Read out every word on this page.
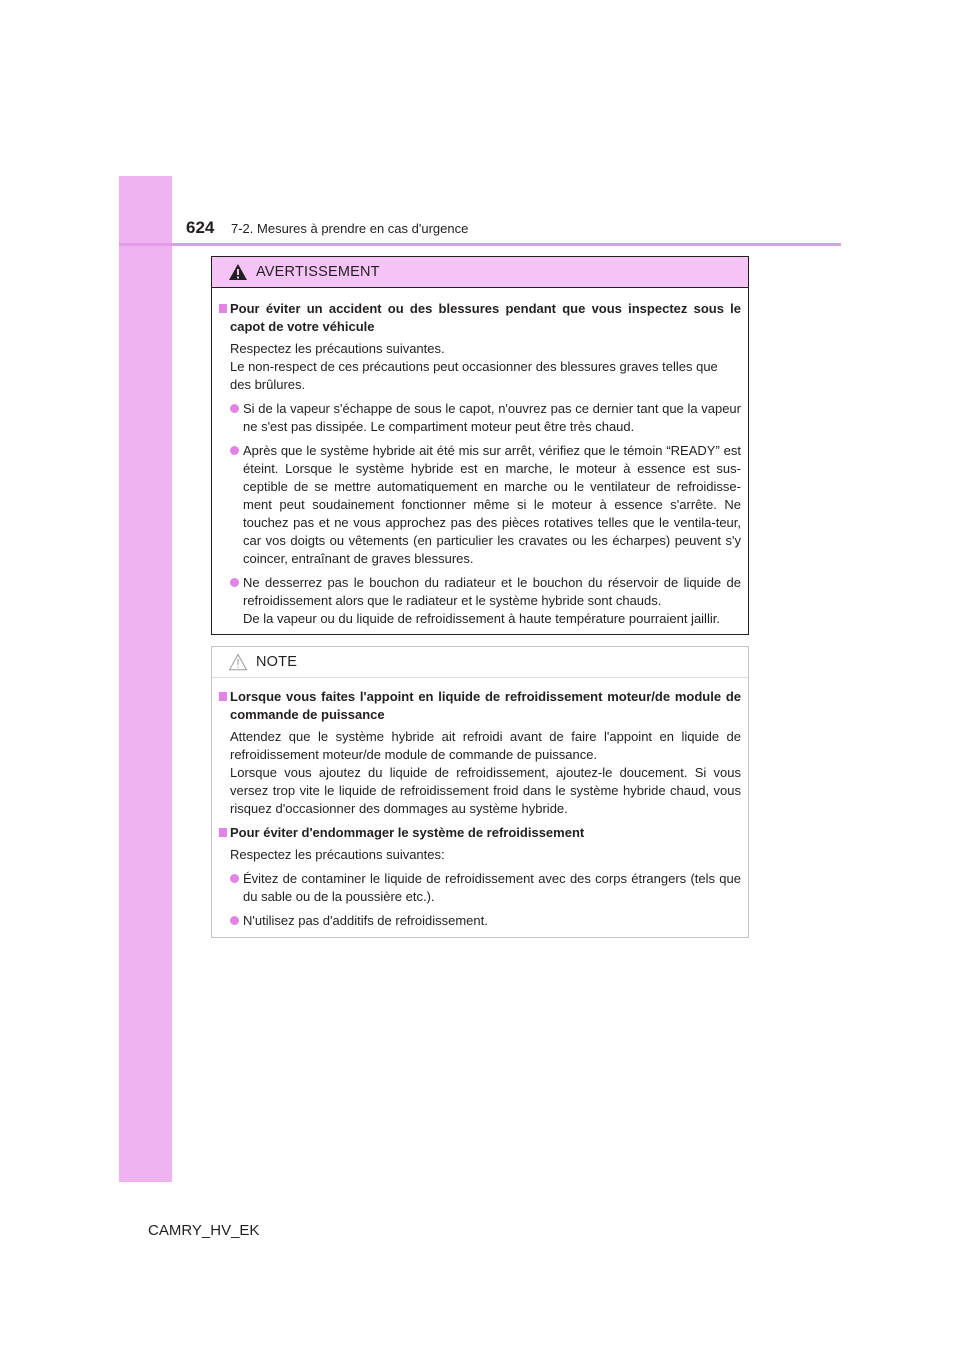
624 7-2. Mesures à prendre en cas d'urgence
AVERTISSEMENT
Pour éviter un accident ou des blessures pendant que vous inspectez sous le capot de votre véhicule
Respectez les précautions suivantes.
Le non-respect de ces précautions peut occasionner des blessures graves telles que des brûlures.
Si de la vapeur s'échappe de sous le capot, n'ouvrez pas ce dernier tant que la vapeur ne s'est pas dissipée. Le compartiment moteur peut être très chaud.
Après que le système hybride ait été mis sur arrêt, vérifiez que le témoin “READY” est éteint. Lorsque le système hybride est en marche, le moteur à essence est sus-ceptible de se mettre automatiquement en marche ou le ventilateur de refroidisse-ment peut soudainement fonctionner même si le moteur à essence s'arrête. Ne touchez pas et ne vous approchez pas des pièces rotatives telles que le ventila-teur, car vos doigts ou vêtements (en particulier les cravates ou les écharpes) peuvent s'y coincer, entraînant de graves blessures.
Ne desserrez pas le bouchon du radiateur et le bouchon du réservoir de liquide de refroidissement alors que le radiateur et le système hybride sont chauds.
De la vapeur ou du liquide de refroidissement à haute température pourraient jaillir.
NOTE
Lorsque vous faites l'appoint en liquide de refroidissement moteur/de module de commande de puissance
Attendez que le système hybride ait refroidi avant de faire l'appoint en liquide de refroidissement moteur/de module de commande de puissance.
Lorsque vous ajoutez du liquide de refroidissement, ajoutez-le doucement. Si vous versez trop vite le liquide de refroidissement froid dans le système hybride chaud, vous risquez d'occasionner des dommages au système hybride.
Pour éviter d'endommager le système de refroidissement
Respectez les précautions suivantes:
Évitez de contaminer le liquide de refroidissement avec des corps étrangers (tels que du sable ou de la poussière etc.).
N'utilisez pas d'additifs de refroidissement.
CAMRY_HV_EK
